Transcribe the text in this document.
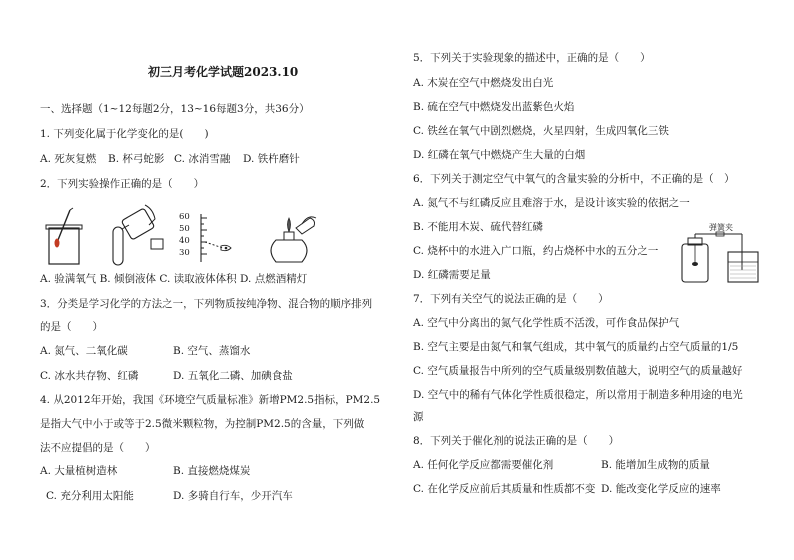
初三月考化学试题2023.10
一、选择题（1~12每题2分，13~16每题3分，共36分）
1. 下列变化属于化学变化的是(　　)
A. 死灰复燃 B. 杯弓蛇影 C. 冰消雪融 D. 铁杵磨针
2．下列实验操作正确的是（　　）
60
50
40
30
A. 验满氧气 B. 倾倒液体 C. 读取液体体积 D. 点燃酒精灯
3．分类是学习化学的方法之一，下列物质按纯净物、混合物的顺序排列
的是（　　）
A. 氮气、二氧化碳	B. 空气、蒸馏水
C. 冰水共存物、红磷	D. 五氧化二磷、加碘食盐
4. 从2012年开始，我国《环境空气质量标准》新增PM2.5指标，PM2.5
是指大气中小于或等于2.5微米颗粒物，为控制PM2.5的含量，下列做
法不应提倡的是（　　）
A. 大量植树造林	B. 直接燃烧煤炭
C. 充分利用太阳能	D. 多骑自行车，少开汽车
5．下列关于实验现象的描述中，正确的是（　　）
A. 木炭在空气中燃烧发出白光
B. 硫在空气中燃烧发出蓝紫色火焰
C. 铁丝在氧气中剧烈燃烧，火星四射，生成四氧化三铁
D. 红磷在氧气中燃烧产生大量的白烟
6．下列关于测定空气中氧气的含量实验的分析中，不正确的是（　）
A. 氮气不与红磷反应且难溶于水，是设计该实验的依据之一
B. 不能用木炭、硫代替红磷
C. 烧杯中的水进入广口瓶，约占烧杯中水的五分之一
D. 红磷需要足量
弹簧夹
7．下列有关空气的说法正确的是（　　）
A. 空气中分离出的氮气化学性质不活泼，可作食品保护气
B. 空气主要是由氮气和氧气组成，其中氧气的质量约占空气质量的1/5
C. 空气质量报告中所列的空气质量级别数值越大，说明空气的质量越好
D. 空气中的稀有气体化学性质很稳定，所以常用于制造多种用途的电光
源
8．下列关于催化剂的说法正确的是（　　）
A. 任何化学反应都需要催化剂	B. 能增加生成物的质量
C. 在化学反应前后其质量和性质都不变 D. 能改变化学反应的速率
